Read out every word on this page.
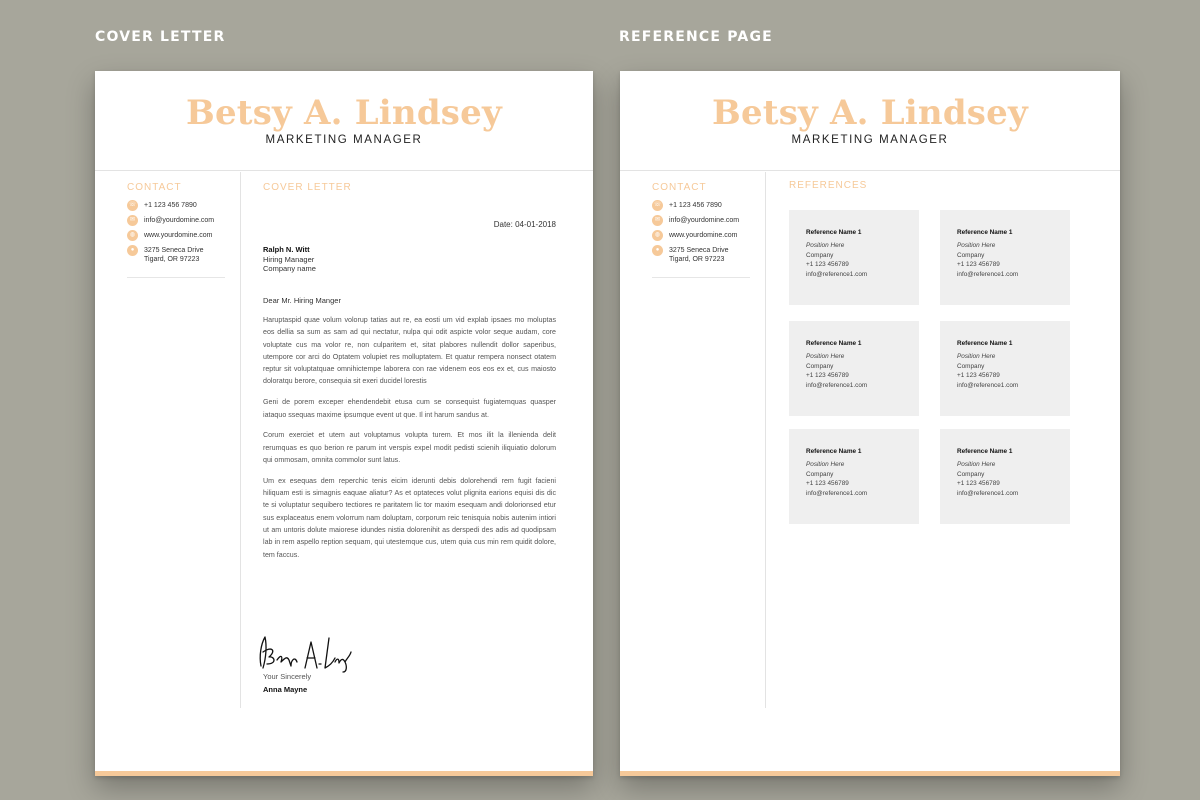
COVER LETTER	REFERENCE PAGE
Betsy A. Lindsey
MARKETING MANAGER
CONTACT
☏ +1 123 456 7890
✉	info@yourdomine.com
◍	www.yourdomine.com
●	3275 Seneca Drive
Tigard, OR 97223
COVER LETTER
Date: 04-01-2018
Ralph N. Witt
Hiring Manager
Company name
Dear Mr. Hiring Manger

Haruptaspid quae volum volorup tatias aut re, ea eosti um vid explab ipsaes mo moluptas eos dellia sa sum as sam ad qui nectatur, nulpa qui odit aspicte volor seque audam, core voluptate cus ma volor re, non culparitem et, sitat plabores nullendit dollor saperibus, utempore cor arci do Optatem volupiet res molluptatem. Et quatur rempera nonsect otatem reptur sit voluptatquae omnihictempe laborera con rae videnem eos eos ex et, cus maiosto doloratqu berore, consequia sit exeri ducidel lorestis

Geni de porem exceper ehendendebit etusa cum se consequist fugiatemquas quasper iataquo ssequas maxime ipsumque event ut que. Il int harum sandus at.

Corum exerciet et utem aut voluptamus volupta turem. Et mos ilit la illenienda delit rerumquas es quo berion re parum int verspis expel modit pedisti scienih iliquiatio dolorum qui ommosam, omnita commolor sunt latus.

Um ex esequas dem reperchic tenis eicim iderunti debis dolorehendi rem fugit facieni hiliquam esti is simagnis eaquae aliatur? As et optateces volut plignita earions equisi dis dic te si voluptatur sequibero tectiores re paritatem lic tor maxim esequam andi dolorionsed etur sus explaceatus enem volorrum nam doluptam, corporum reic tenisquia nobis autenim intiori ut am untoris dolute maiorese idundes nistia dolorenihit as derspedi des adis ad quodipsam lab in rem aspello reption sequam, qui utestemque cus, utem quia cus min rem quidit dolore, tem faccus.

Your Sincerely
Anna Mayne
Betsy A. Lindsey
MARKETING MANAGER
CONTACT
☏ +1 123 456 7890
✉	info@yourdomine.com
◍	www.yourdomine.com
●	3275 Seneca Drive
Tigard, OR 97223
REFERENCES
Reference Name 1
Position Here
Company
+1 123 456789
info@reference1.com
Reference Name 1
Position Here
Company
+1 123 456789
info@reference1.com
Reference Name 1
Position Here
Company
+1 123 456789
info@reference1.com
Reference Name 1
Position Here
Company
+1 123 456789
info@reference1.com
Reference Name 1
Position Here
Company
+1 123 456789
info@reference1.com
Reference Name 1
Position Here
Company
+1 123 456789
info@reference1.com
